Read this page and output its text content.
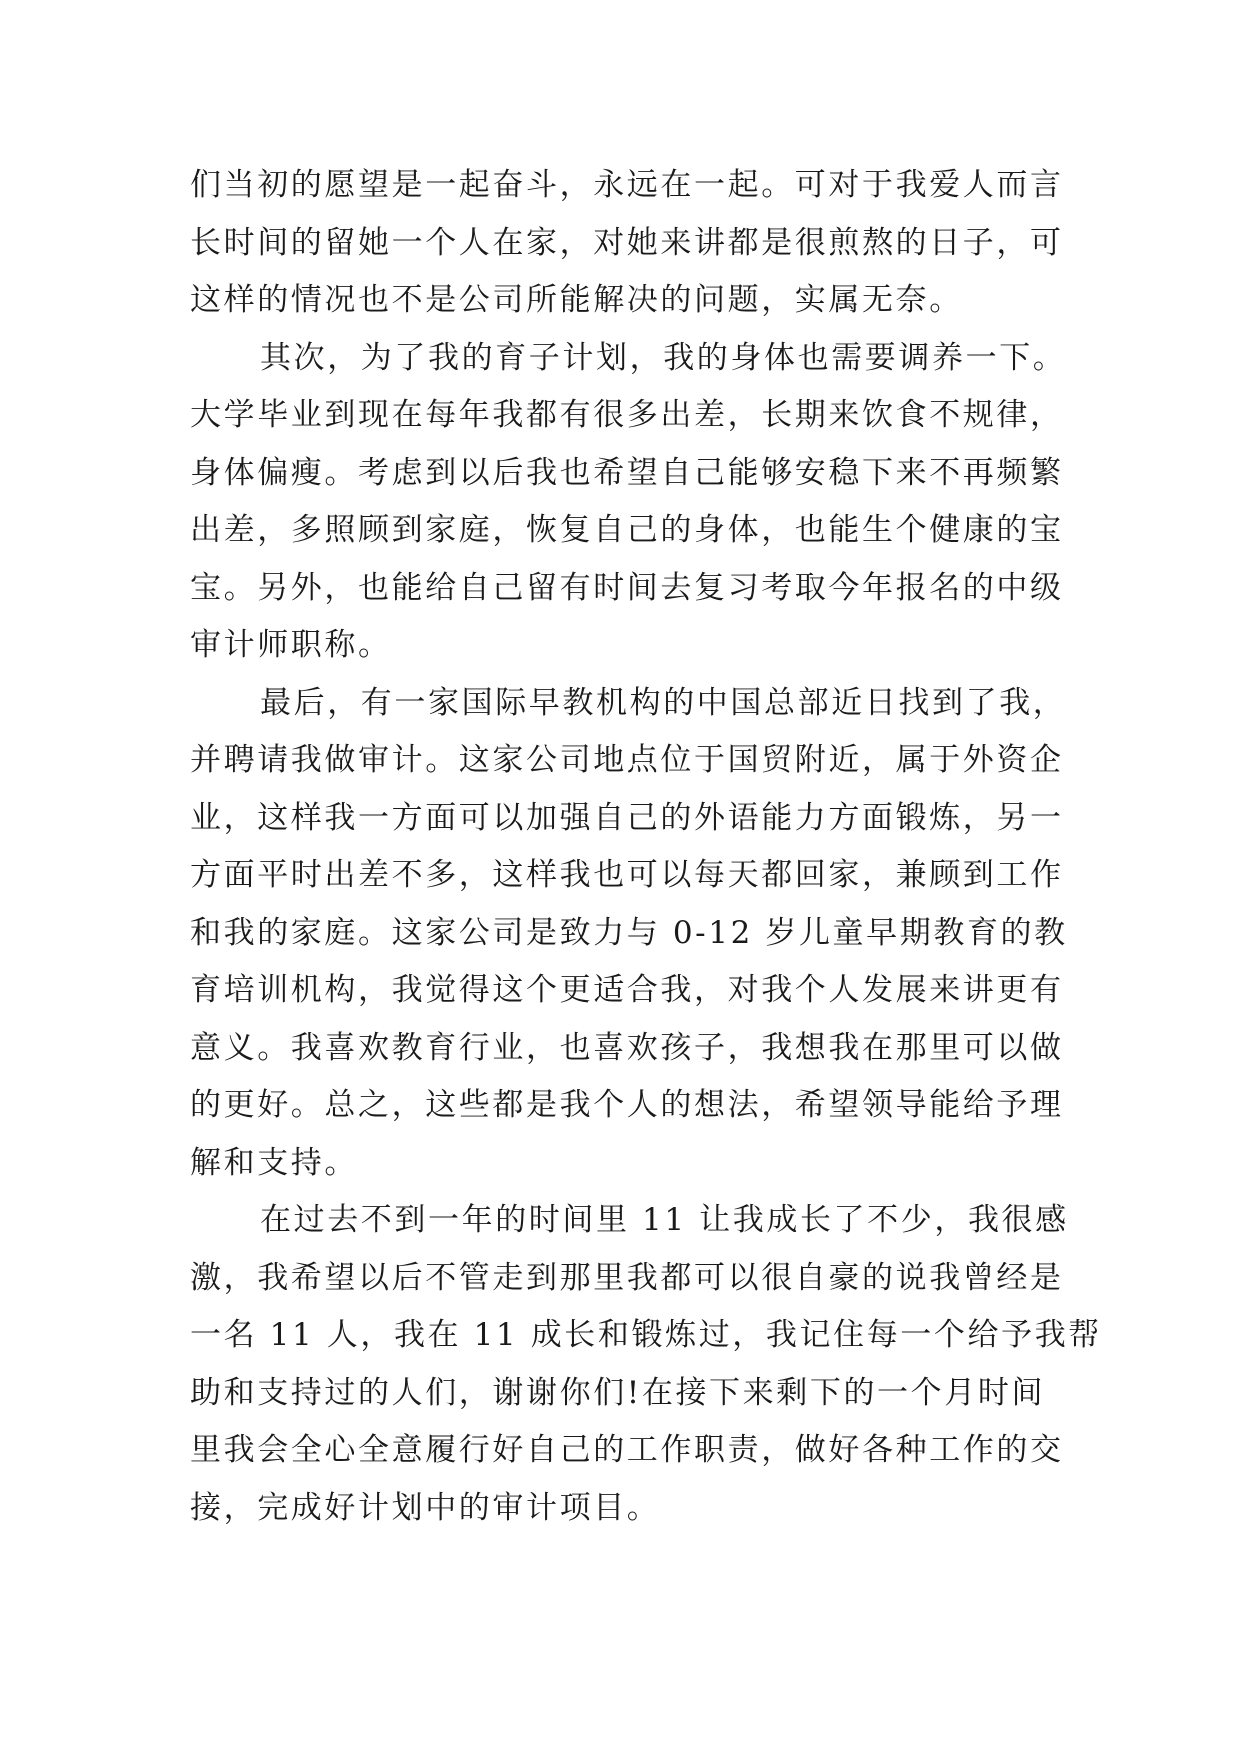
们当初的愿望是一起奋斗，永远在一起。可对于我爱人而言
长时间的留她一个人在家，对她来讲都是很煎熬的日子，可
这样的情况也不是公司所能解决的问题，实属无奈。
其次，为了我的育子计划，我的身体也需要调养一下。
大学毕业到现在每年我都有很多出差，长期来饮食不规律，
身体偏瘦。考虑到以后我也希望自己能够安稳下来不再频繁
出差，多照顾到家庭，恢复自己的身体，也能生个健康的宝
宝。另外，也能给自己留有时间去复习考取今年报名的中级
审计师职称。
最后，有一家国际早教机构的中国总部近日找到了我，
并聘请我做审计。这家公司地点位于国贸附近，属于外资企
业，这样我一方面可以加强自己的外语能力方面锻炼，另一
方面平时出差不多，这样我也可以每天都回家，兼顾到工作
和我的家庭。这家公司是致力与 0-12 岁儿童早期教育的教
育培训机构，我觉得这个更适合我，对我个人发展来讲更有
意义。我喜欢教育行业，也喜欢孩子，我想我在那里可以做
的更好。总之，这些都是我个人的想法，希望领导能给予理
解和支持。
在过去不到一年的时间里 11 让我成长了不少，我很感
激，我希望以后不管走到那里我都可以很自豪的说我曾经是
一名 11 人，我在 11 成长和锻炼过，我记住每一个给予我帮
助和支持过的人们，谢谢你们!在接下来剩下的一个月时间
里我会全心全意履行好自己的工作职责，做好各种工作的交
接，完成好计划中的审计项目。
